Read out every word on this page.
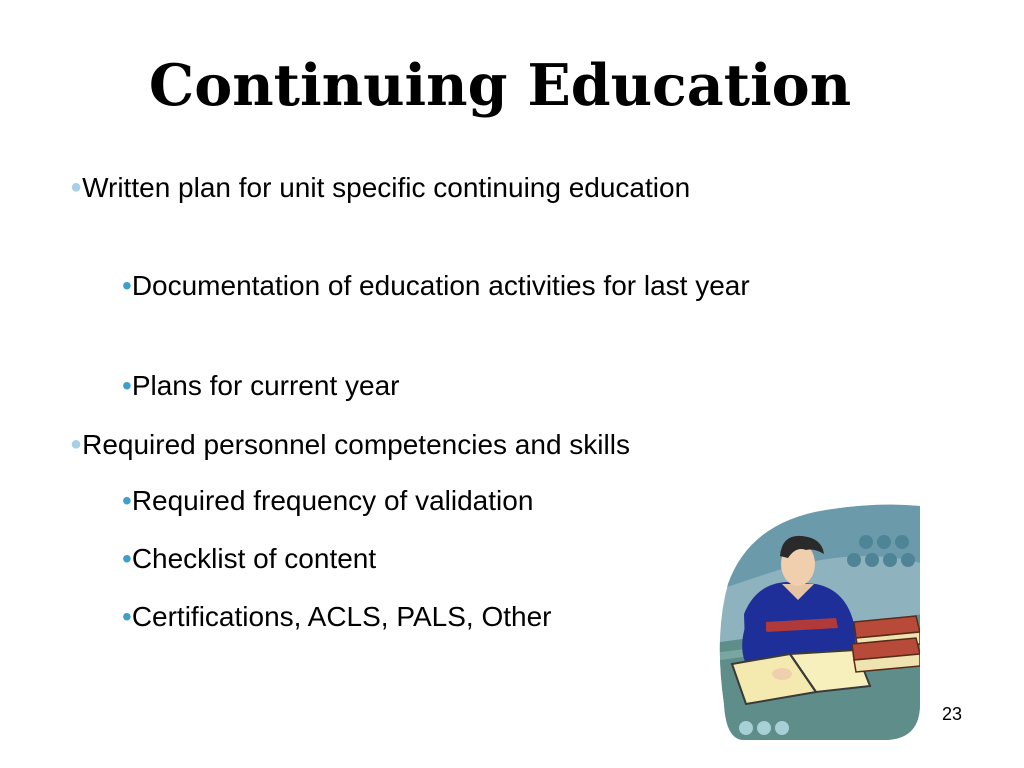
Continuing Education
●Written plan for unit specific continuing education
•Documentation of education activities for last year
•Plans for current year
●Required personnel competencies and skills
•Required frequency of validation
•Checklist of content
•Certifications, ACLS, PALS, Other
23
